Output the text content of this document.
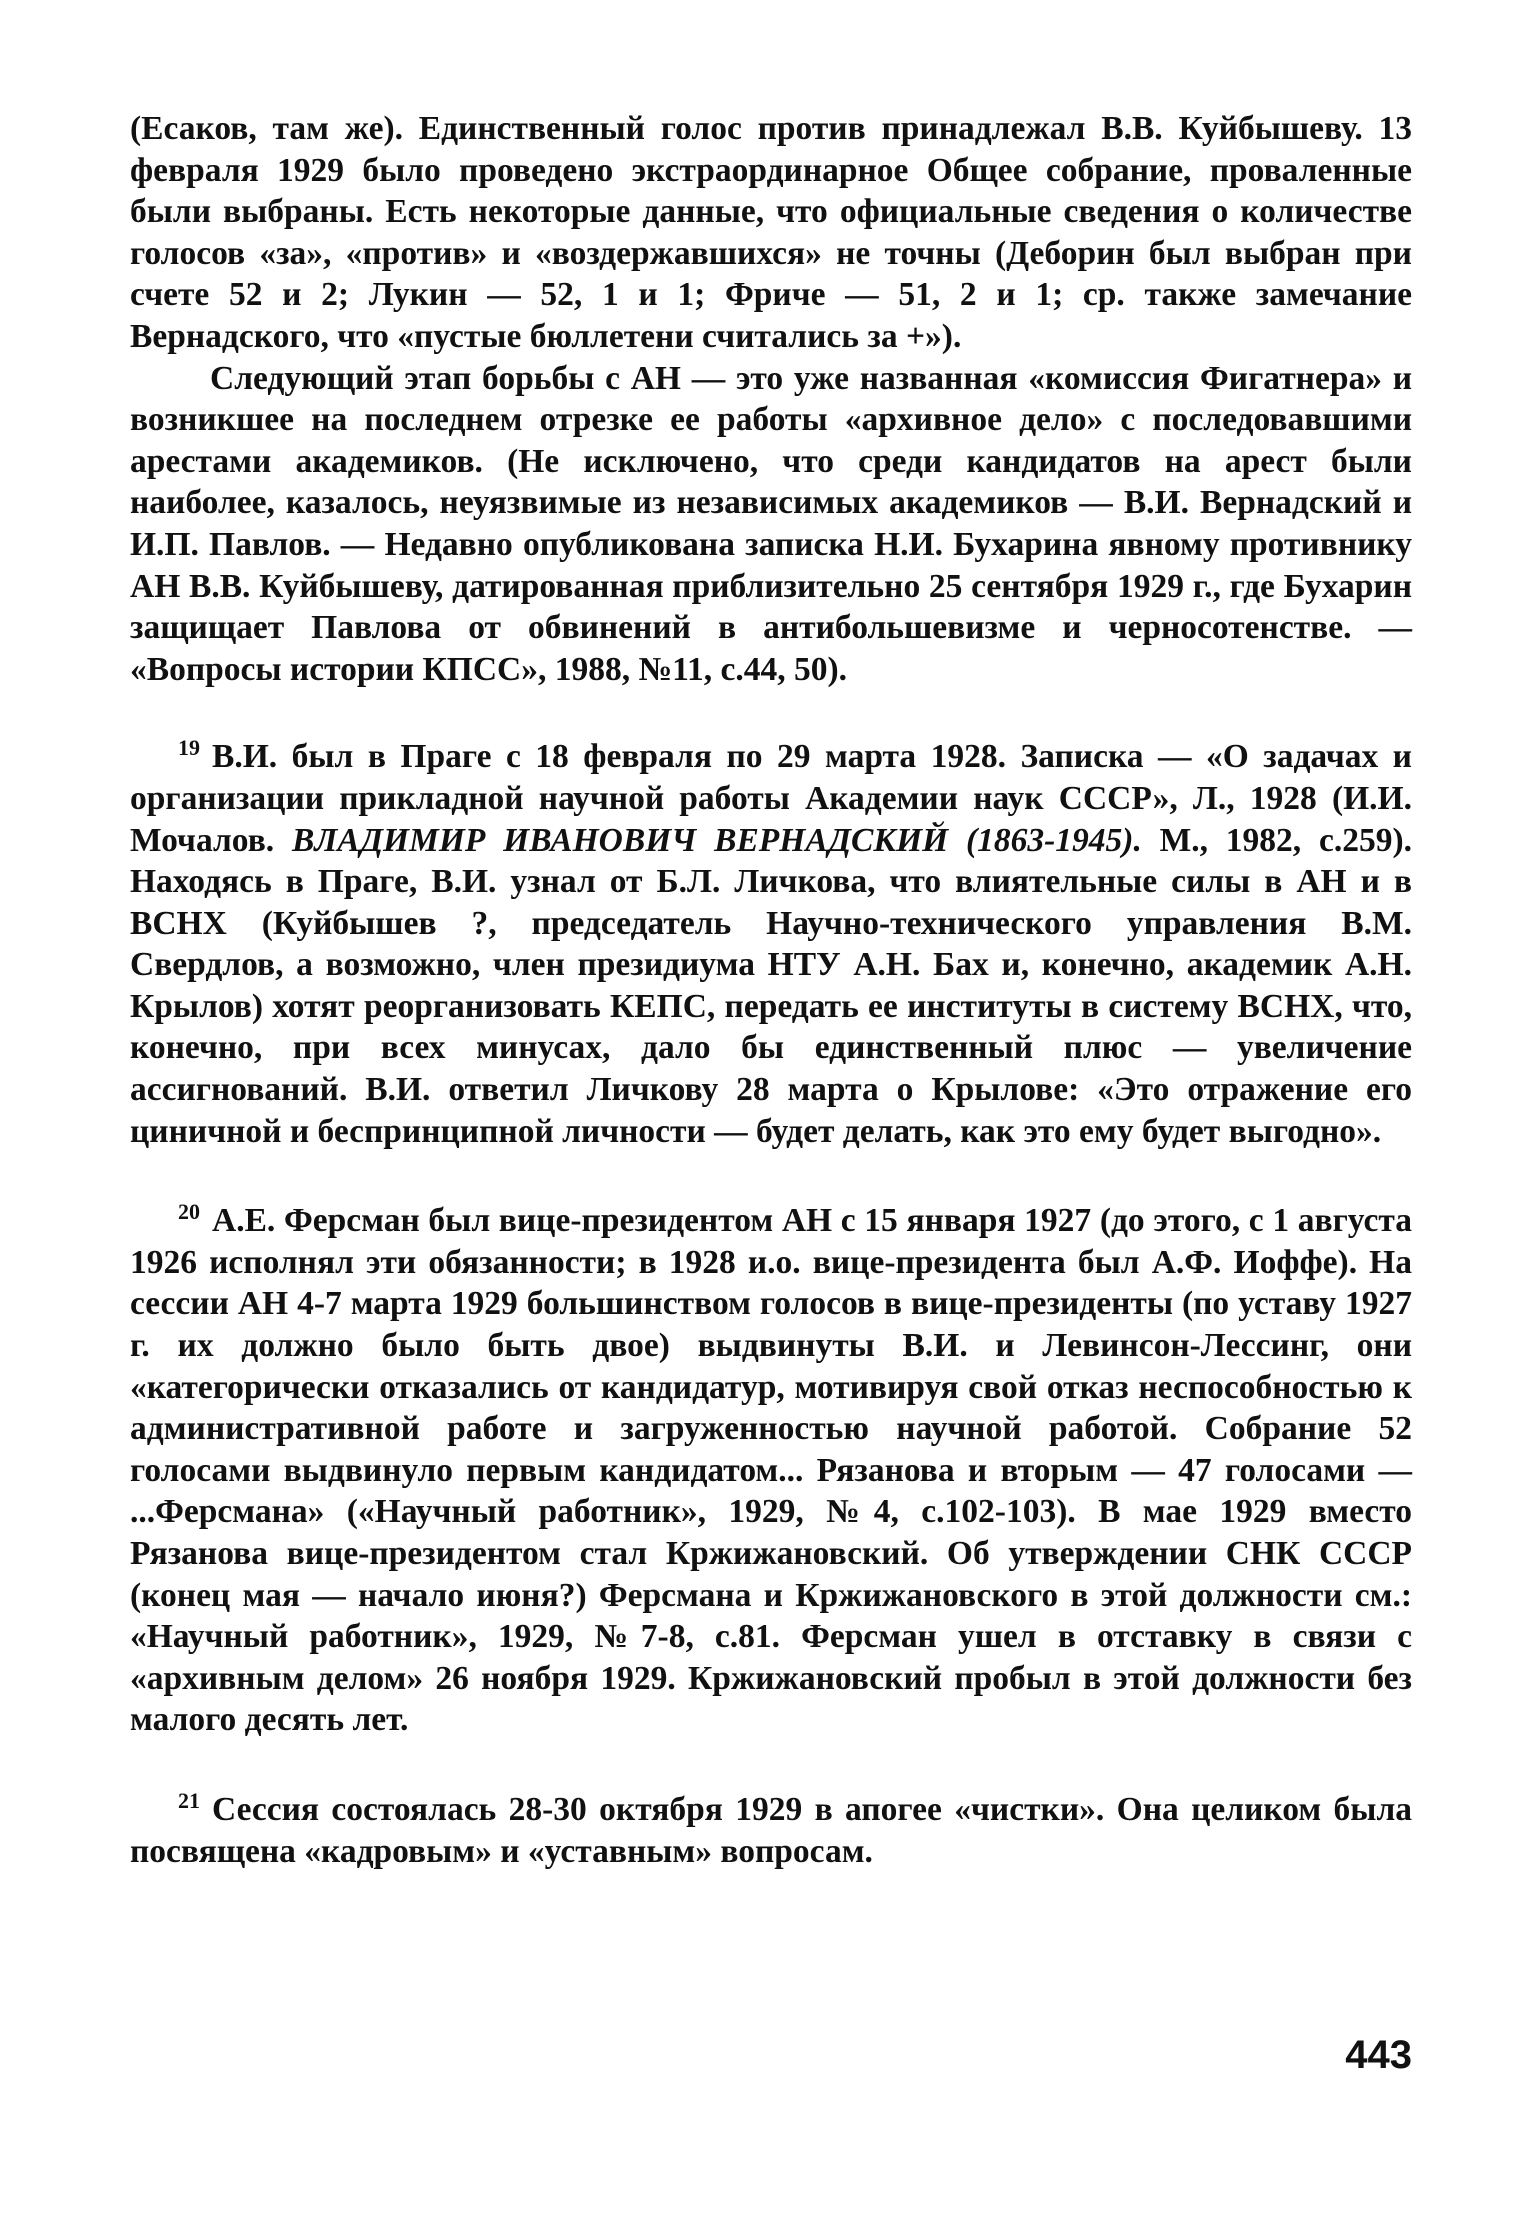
(Есаков, там же). Единственный голос против принадлежал В.В. Куйбышеву. 13 февраля 1929 было проведено экстраординарное Общее собрание, проваленные были выбраны. Есть некоторые данные, что официальные сведения о количестве голосов «за», «против» и «воздержавшихся» не точны (Деборин был выбран при счете 52 и 2; Лукин — 52, 1 и 1; Фриче — 51, 2 и 1; ср. также замечание Вернадского, что «пустые бюллетени считались за +»).

Следующий этап борьбы с АН — это уже названная «комиссия Фигатнера» и возникшее на последнем отрезке ее работы «архивное дело» с последовавшими арестами академиков. (Не исключено, что среди кандидатов на арест были наиболее, казалось, неуязвимые из независимых академиков — В.И. Вернадский и И.П. Павлов. — Недавно опубликована записка Н.И. Бухарина явному противнику АН В.В. Куйбышеву, датированная приблизительно 25 сентября 1929 г., где Бухарин защищает Павлова от обвинений в антибольшевизме и черносотенстве. — «Вопросы истории КПСС», 1988, №11, с.44, 50).

$^{19}$ В.И. был в Праге с 18 февраля по 29 марта 1928. Записка — «О задачах и организации прикладной научной работы Академии наук СССР», Л., 1928 (И.И. Мочалов. ВЛАДИМИР ИВАНОВИЧ ВЕРНАДСКИЙ (1863-1945). М., 1982, с.259). Находясь в Праге, В.И. узнал от Б.Л. Личкова, что влиятельные силы в АН и в ВСНХ (Куйбышев ?, председатель Научно-технического управления В.М. Свердлов, а возможно, член президиума НТУ А.Н. Бах и, конечно, академик А.Н. Крылов) хотят реорганизовать КЕПС, передать ее институты в систему ВСНХ, что, конечно, при всех минусах, дало бы единственный плюс — увеличение ассигнований. В.И. ответил Личкову 28 марта о Крылове: «Это отражение его циничной и беспринципной личности — будет делать, как это ему будет выгодно».

$^{20}$ А.Е. Ферсман был вице-президентом АН с 15 января 1927 (до этого, с 1 августа 1926 исполнял эти обязанности; в 1928 и.о. вице-президента был А.Ф. Иоффе). На сессии АН 4-7 марта 1929 большинством голосов в вице-президенты (по уставу 1927 г. их должно было быть двое) выдвинуты В.И. и Левинсон-Лессинг, они «категорически отказались от кандидатур, мотивируя свой отказ неспособностью к административной работе и загруженностью научной работой. Собрание 52 голосами выдвинуло первым кандидатом... Рязанова и вторым — 47 голосами — ...Ферсмана» («Научный работник», 1929, №4, с.102-103). В мае 1929 вместо Рязанова вице-президентом стал Кржижановский. Об утверждении СНК СССР (конец мая — начало июня?) Ферсмана и Кржижановского в этой должности см.: «Научный работник», 1929, №7-8, с.81. Ферсман ушел в отставку в связи с «архивным делом» 26 ноября 1929. Кржижановский пробыл в этой должности без малого десять лет.

$^{21}$ Сессия состоялась 28-30 октября 1929 в апогее «чистки». Она целиком была посвящена «кадровым» и «уставным» вопросам.

443
